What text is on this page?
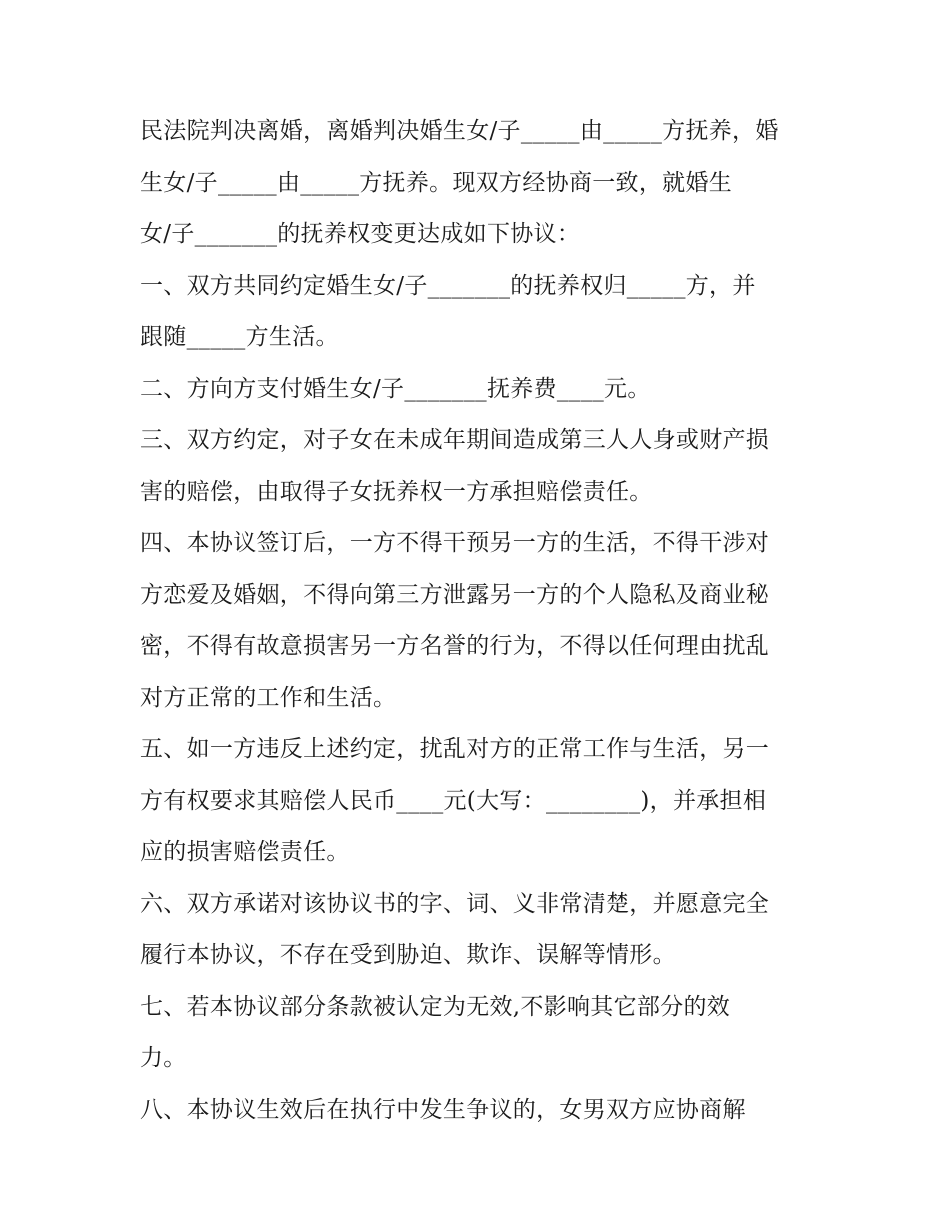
民法院判决离婚，离婚判决婚生女/子_____由_____方抚养，婚
生女/子_____由_____方抚养。现双方经协商一致，就婚生
女/子_______的抚养权变更达成如下协议：
一、双方共同约定婚生女/子_______的抚养权归_____方，并
跟随_____方生活。
二、方向方支付婚生女/子_______抚养费____元。
三、双方约定，对子女在未成年期间造成第三人人身或财产损
害的赔偿，由取得子女抚养权一方承担赔偿责任。
四、本协议签订后，一方不得干预另一方的生活，不得干涉对
方恋爱及婚姻，不得向第三方泄露另一方的个人隐私及商业秘
密，不得有故意损害另一方名誉的行为，不得以任何理由扰乱
对方正常的工作和生活。
五、如一方违反上述约定，扰乱对方的正常工作与生活，另一
方有权要求其赔偿人民币____元(大写：________)，并承担相
应的损害赔偿责任。
六、双方承诺对该协议书的字、词、义非常清楚，并愿意完全
履行本协议，不存在受到胁迫、欺诈、误解等情形。
七、若本协议部分条款被认定为无效,不影响其它部分的效
力。
八、本协议生效后在执行中发生争议的，女男双方应协商解
